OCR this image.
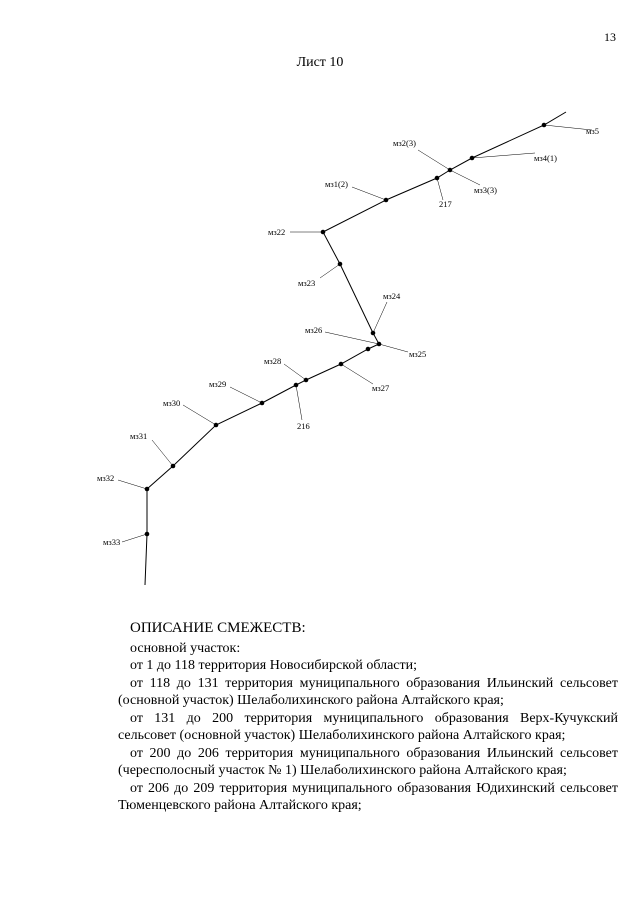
13
Лист 10
мз5
мз2(3)
мз4(1)
мз3(3)
217
мз1(2)
мз22
мз23
мз24
мз26
мз25
мз28
мз27
мз29
216
мз30
мз31
мз32
мз33
ОПИСАНИЕ СМЕЖЕСТВ:
основной участок:
от 1 до 118 территория Новосибирской области;
от 118 до 131 территория муниципального образования Ильинский сельсовет (основной участок) Шелаболихинского района Алтайского края;
от 131 до 200 территория муниципального образования Верх-Кучукский сельсовет (основной участок) Шелаболихинского района Алтайского края;
от 200 до 206 территория муниципального образования Ильинский сельсовет (чересполосный участок № 1) Шелаболихинского района Алтайского края;
от 206 до 209 территория муниципального образования Юдихинский сельсовет Тюменцевского района Алтайского края;
